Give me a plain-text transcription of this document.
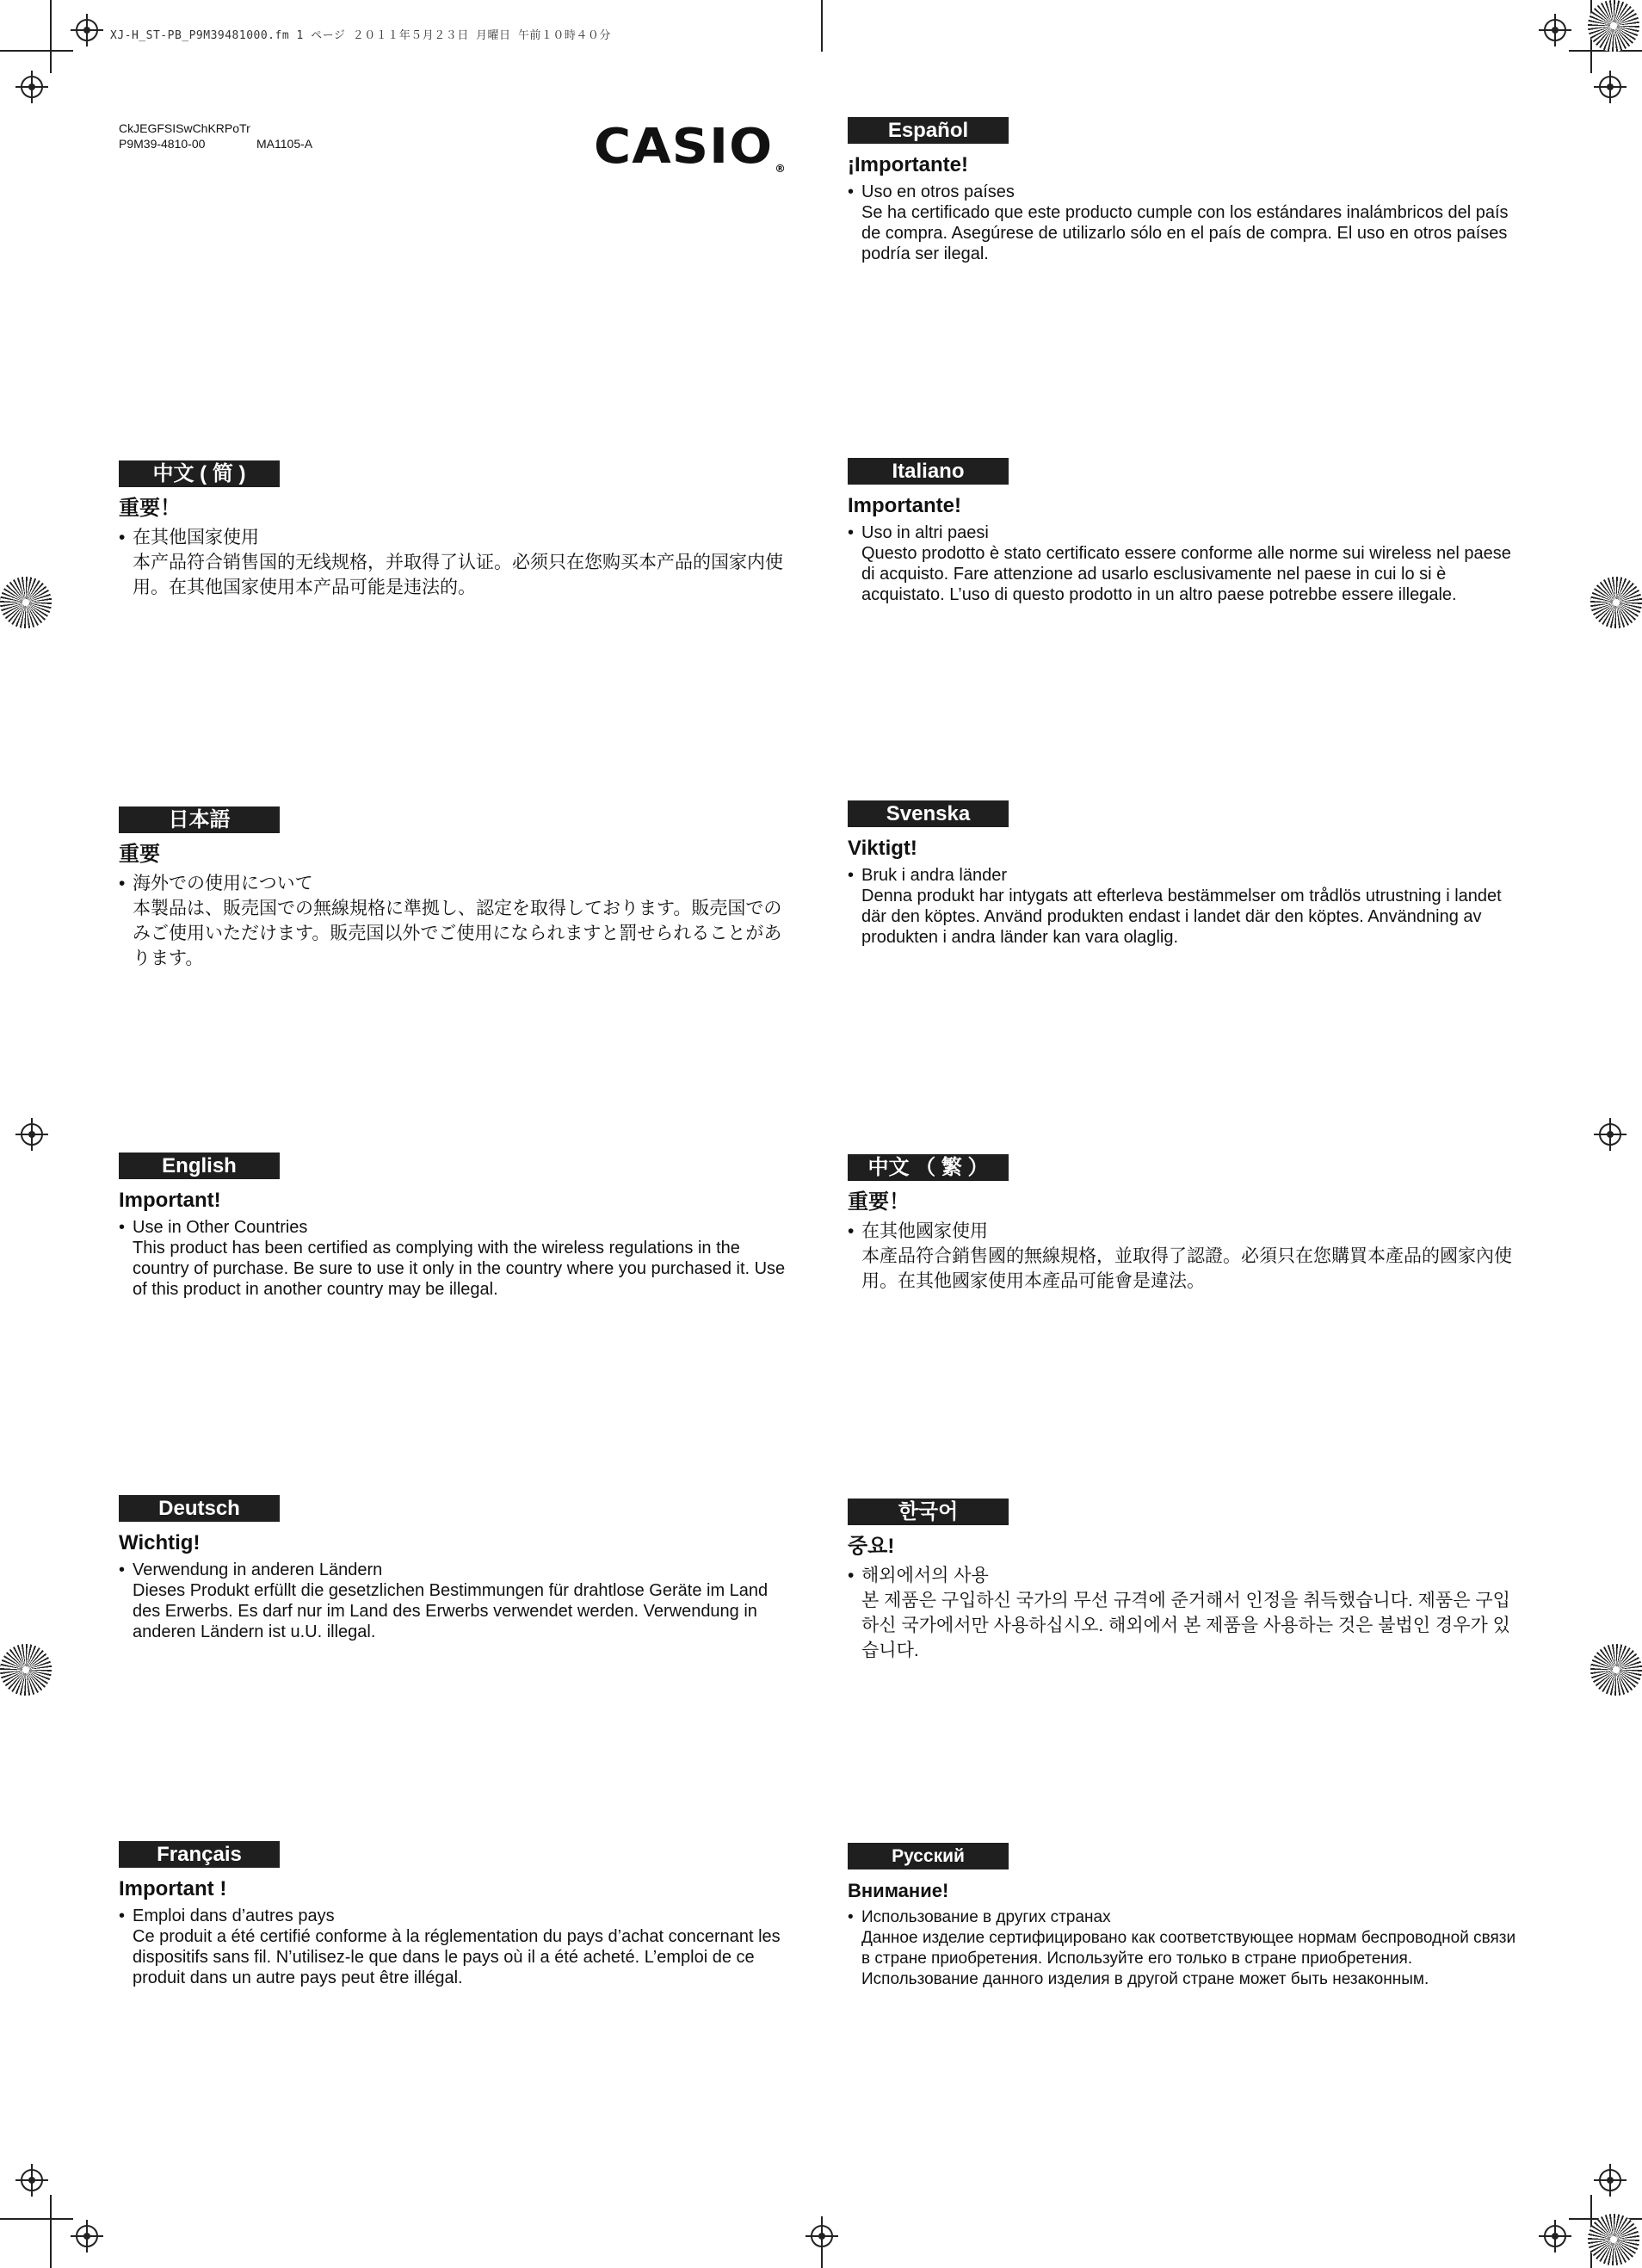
XJ-H_ST-PB_P9M39481000.fm 1 ページ ２０１１年５月２３日 月曜日 午前１０時４０分
CkJEGFSISwChKRPoTr
P9M39-4810-00	MA1105-A	CASIO ®
中文 ( 简 )
重要！
• 在其他国家使用
本产品符合销售国的无线规格，并取得了认证。必须只在您购买本产品的国家内使用。在其他国家使用本产品可能是违法的。
日本語
重要
• 海外での使用について
本製品は、販売国での無線規格に準拠し、認定を取得しております。販売国でのみご使用いただけます。販売国以外でご使用になられますと罰せられることがあります。
English
Important!
• Use in Other Countries
This product has been certified as complying with the wireless regulations in the country of purchase. Be sure to use it only in the country where you purchased it. Use of this product in another country may be illegal.
Deutsch
Wichtig!
• Verwendung in anderen Ländern
Dieses Produkt erfüllt die gesetzlichen Bestimmungen für drahtlose Geräte im Land des Erwerbs. Es darf nur im Land des Erwerbs verwendet werden. Verwendung in anderen Ländern ist u.U. illegal.
Français
Important !
• Emploi dans d’autres pays
Ce produit a été certifié conforme à la réglementation du pays d’achat concernant les dispositifs sans fil. N’utilisez-le que dans le pays où il a été acheté. L’emploi de ce produit dans un autre pays peut être illégal.
Español
¡Importante!
• Uso en otros países
Se ha certificado que este producto cumple con los estándares inalámbricos del país de compra. Asegúrese de utilizarlo sólo en el país de compra. El uso en otros países podría ser ilegal.
Italiano
Importante!
• Uso in altri paesi
Questo prodotto è stato certificato essere conforme alle norme sui wireless nel paese di acquisto. Fare attenzione ad usarlo esclusivamente nel paese in cui lo si è acquistato. L’uso di questo prodotto in un altro paese potrebbe essere illegale.
Svenska
Viktigt!
• Bruk i andra länder
Denna produkt har intygats att efterleva bestämmelser om trådlös utrustning i landet där den köptes. Använd produkten endast i landet där den köptes. Användning av produkten i andra länder kan vara olaglig.
中文 （ 繁 ）
重要！
• 在其他國家使用
本產品符合銷售國的無線規格，並取得了認證。必須只在您購買本產品的國家內使用。在其他國家使用本產品可能會是違法。
한국어
중요!
• 해외에서의 사용
본 제품은 구입하신 국가의 무선 규격에 준거해서 인정을 취득했습니다. 제품은 구입하신 국가에서만 사용하십시오. 해외에서 본 제품을 사용하는 것은 불법인 경우가 있습니다.
Русский
Внимание!
• Использование в других странах
Данное изделие сертифицировано как соответствующее нормам беспроводной связи в стране приобретения. Используйте его только в стране приобретения. Использование данного изделия в другой стране может быть незаконным.
